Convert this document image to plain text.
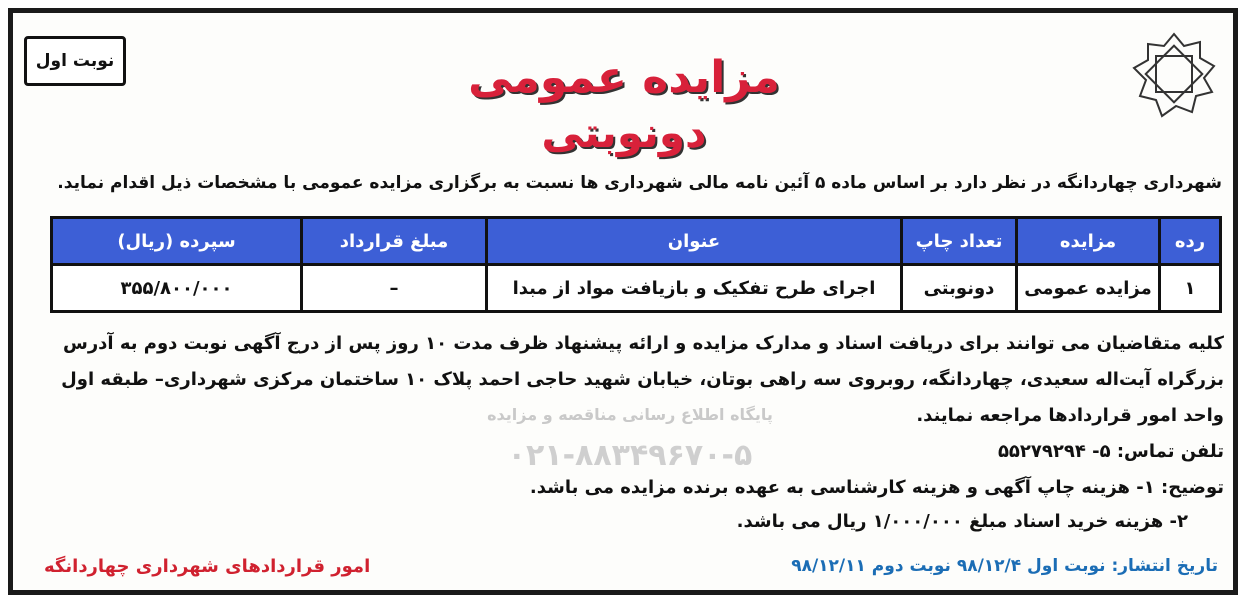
نوبت اول	مزایده عمومی
دونوبتی
شهرداری چهاردانگه در نظر دارد بر اساس ماده ۵ آئین نامه مالی شهرداری ها نسبت به برگزاری مزایده عمومی با مشخصات ذیل اقدام نماید.
رده	مزایده	تعداد چاپ	عنوان	مبلغ قرارداد	سپرده (ریال)
۱	مزایده عمومی	دونوبتی	اجرای طرح تفکیک و بازیافت مواد از مبدا	–	۳۵۵/۸۰۰/۰۰۰
کلیه متقاضیان می توانند برای دریافت اسناد و مدارک مزایده و ارائه پیشنهاد ظرف مدت ۱۰ روز پس از درج آگهی نوبت دوم به آدرس
بزرگراه آیت‌اله سعیدی، چهاردانگه، روبروی سه راهی بوتان، خیابان شهید حاجی احمد پلاک ۱۰ ساختمان مرکزی شهرداری– طبقه اول
واحد امور قراردادها مراجعه نمایند.
تلفن تماس: ۵- ۵۵۲۷۹۲۹۴
توضیح: ۱- هزینه چاپ آگهی و هزینه کارشناسی به عهده برنده مزایده می باشد.
۲- هزینه خرید اسناد مبلغ ۱/۰۰۰/۰۰۰ ریال می باشد.
پایگاه اطلاع رسانی مناقصه و مزایده
۰۲۱-۸۸۳۴۹۶۷۰-۵
تاریخ انتشار: نوبت اول ۹۸/۱۲/۴ نوبت دوم ۹۸/۱۲/۱۱
امور قراردادهای شهرداری چهاردانگه
